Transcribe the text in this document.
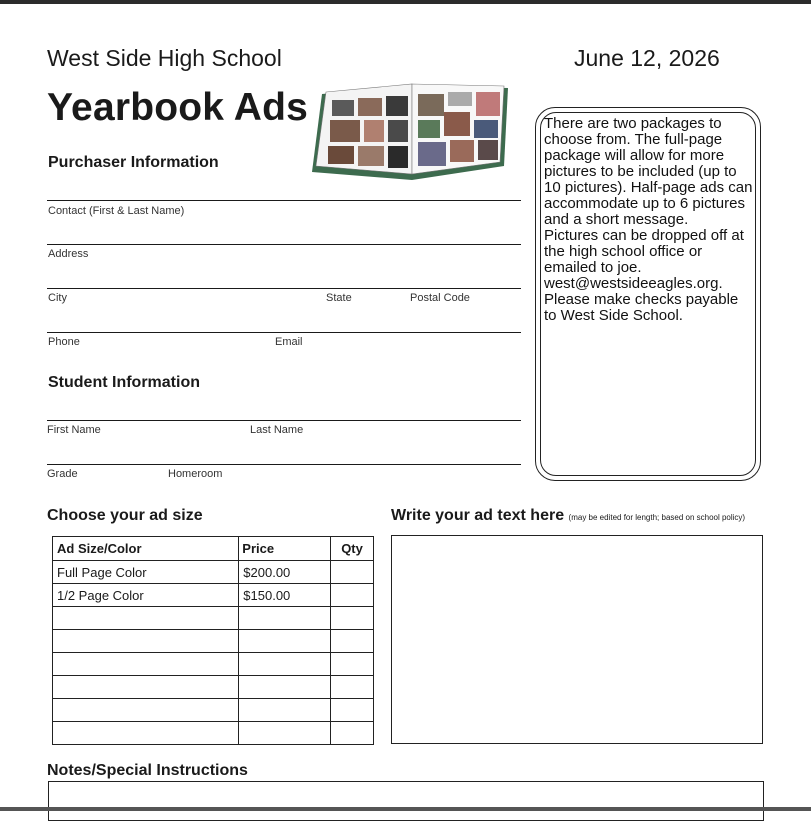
West Side High School	June 12, 2026
Yearbook Ads
Purchaser Information
Contact (First & Last Name)
Address
City	State	Postal Code
Phone	Email
Student Information
First Name	Last Name
Grade	Homeroom

There are two packages to choose from. The full-page package will allow for more pictures to be included (up to 10 pictures). Half-page ads can accommodate up to 6 pictures and a short message.

Pictures can be dropped off at the high school office or emailed to joe. west@westsideeagles.org.

Please make checks payable to West Side School.

Choose your ad size
Ad Size/Color	Price	Qty
Full Page Color	$200.00	
1/2 Page Color	$150.00	

Write your ad text here (may be edited for length; based on school policy)
Notes/Special Instructions
